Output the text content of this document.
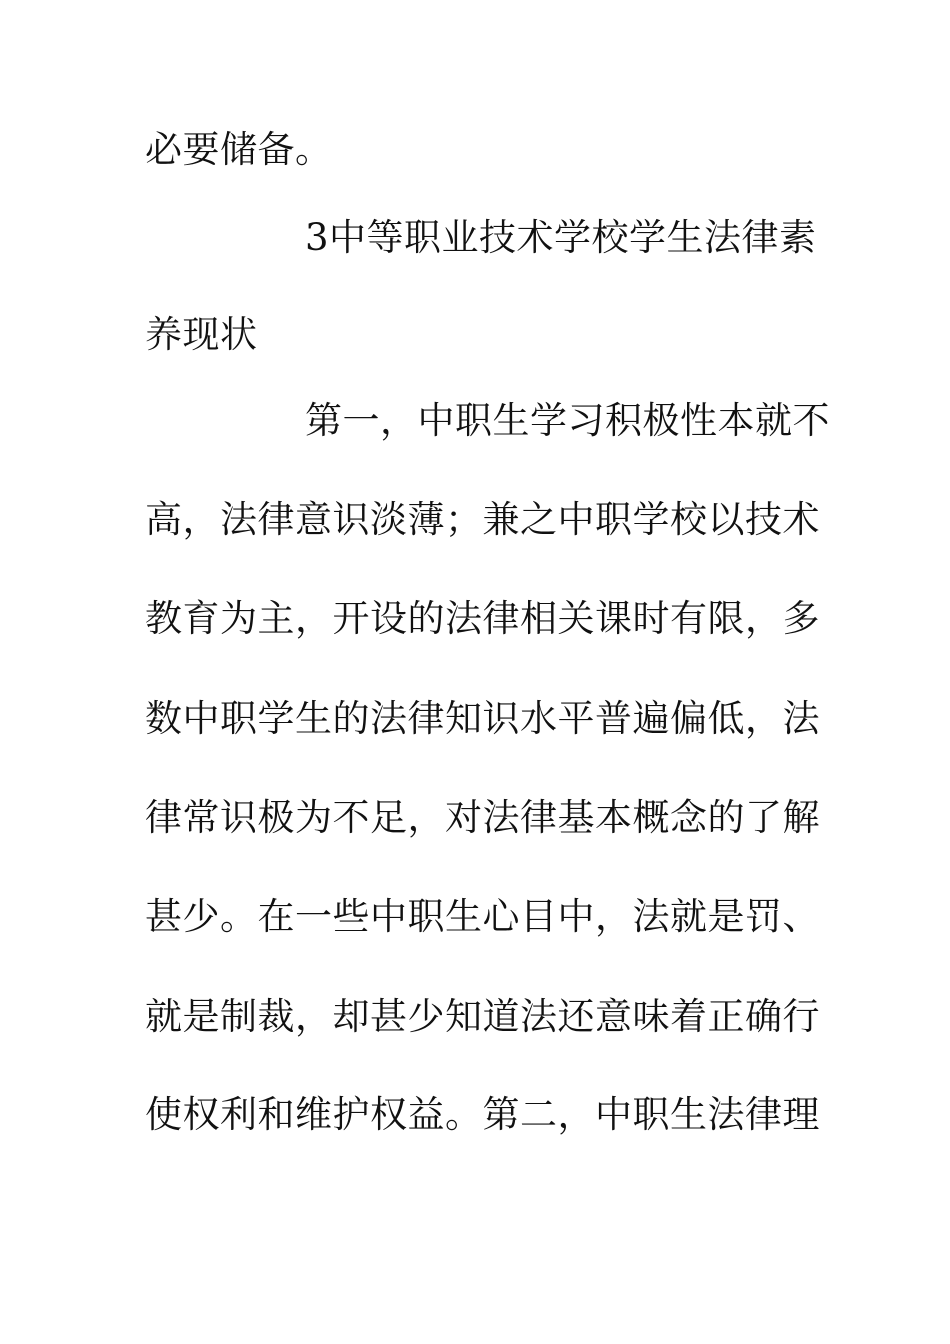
必要储备。
3中等职业技术学校学生法律素
养现状
第一，中职生学习积极性本就不
高，法律意识淡薄；兼之中职学校以技术
教育为主，开设的法律相关课时有限，多
数中职学生的法律知识水平普遍偏低，法
律常识极为不足，对法律基本概念的了解
甚少。在一些中职生心目中，法就是罚、
就是制裁，却甚少知道法还意味着正确行
使权利和维护权益。第二，中职生法律理
